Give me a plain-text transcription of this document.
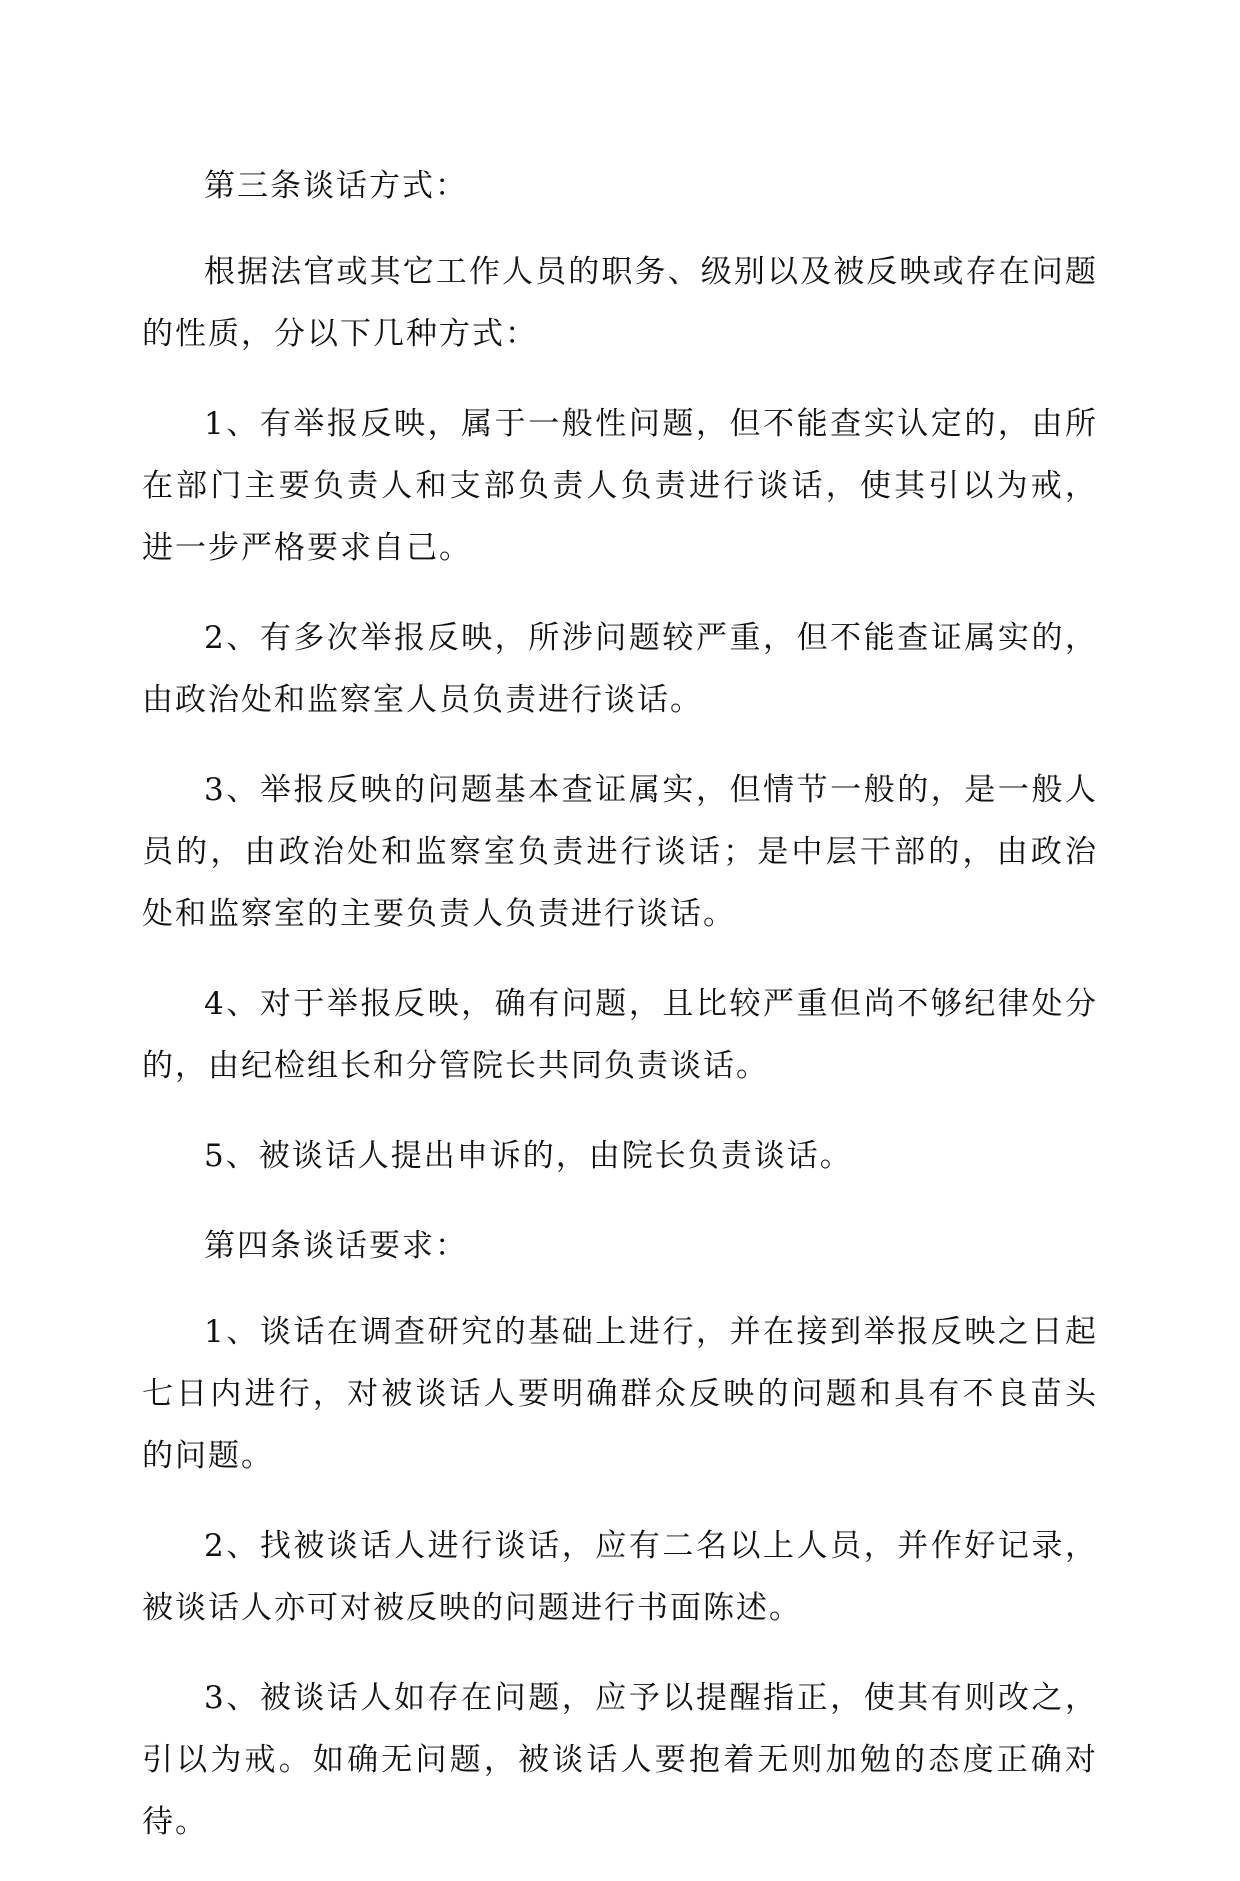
第三条谈话方式：

根据法官或其它工作人员的职务、级别以及被反映或存在问题的性质，分以下几种方式：

1、有举报反映，属于一般性问题，但不能查实认定的，由所在部门主要负责人和支部负责人负责进行谈话，使其引以为戒，进一步严格要求自己。

2、有多次举报反映，所涉问题较严重，但不能查证属实的，由政治处和监察室人员负责进行谈话。

3、举报反映的问题基本查证属实，但情节一般的，是一般人员的，由政治处和监察室负责进行谈话；是中层干部的，由政治处和监察室的主要负责人负责进行谈话。

4、对于举报反映，确有问题，且比较严重但尚不够纪律处分的，由纪检组长和分管院长共同负责谈话。

5、被谈话人提出申诉的，由院长负责谈话。

第四条谈话要求：

1、谈话在调查研究的基础上进行，并在接到举报反映之日起七日内进行，对被谈话人要明确群众反映的问题和具有不良苗头的问题。

2、找被谈话人进行谈话，应有二名以上人员，并作好记录，被谈话人亦可对被反映的问题进行书面陈述。

3、被谈话人如存在问题，应予以提醒指正，使其有则改之，引以为戒。如确无问题，被谈话人要抱着无则加勉的态度正确对待。
